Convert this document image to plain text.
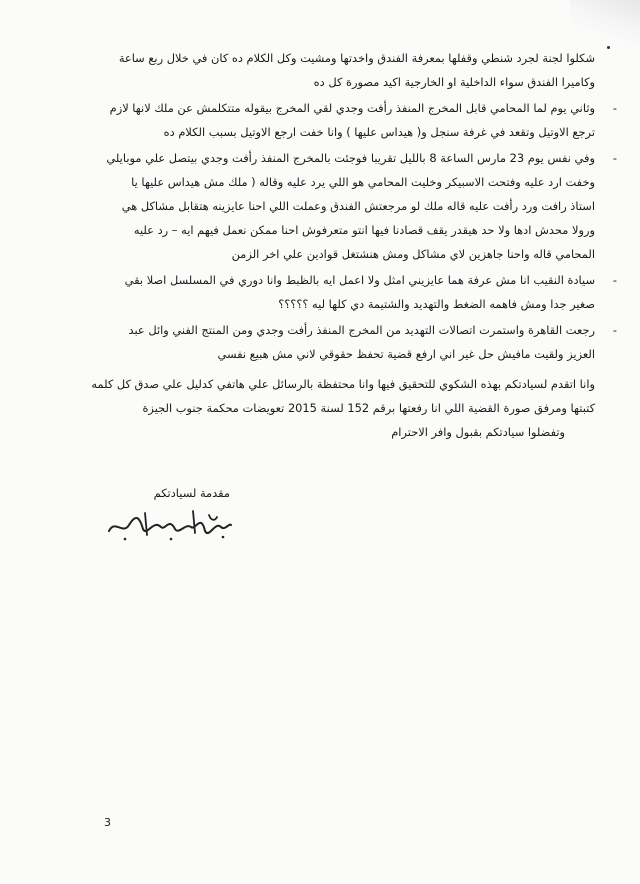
شكلوا لجنة لجرد شنطي وقفلها بمعرفة الفندق واخدتها ومشيت وكل الكلام ده كان في خلال ربع ساعة
وكاميرا الفندق سواء الداخلية او الخارجية اكيد مصورة كل ده
وثاني يوم لما المحامي قابل المخرج المنفذ رأفت وجدي لقي المخرج بيقوله متتكلمش عن ملك لانها لازم
ترجع الاوتيل وتقعد في غرفة سنجل و( هيداس عليها ) وانا خفت ارجع الاوتيل بسبب الكلام ده
-
وفي نفس يوم 23 مارس الساعة 8 بالليل تقريبا فوجئت بالمخرج المنفذ رأفت وجدي بيتصل علي موبايلي
وخفت ارد عليه وفتحت الاسبيكر وخليت المحامي هو اللي يرد عليه وقاله ( ملك مش هيداس عليها يا
استاذ رافت ورد رأفت عليه قاله ملك لو مرجعتش الفندق وعملت اللي احنا عايزينه هتقابل مشاكل هي
وروﻻ محدش ادها ولا حد هيقدر يقف قصادنا فيها انتو متعرفوش احنا ممكن نعمل فيهم ايه – رد عليه
المحامي قاله واحنا جاهزين لاي مشاكل ومش هنشتغل قوادين علي اخر الزمن
-
سيادة النقيب انا مش عرفة هما عايزيني امثل ولا اعمل ايه بالظبط وانا دوري في المسلسل اصلا بقي
صغير جدا ومش فاهمه الضغط والتهديد والشتيمة دي كلها ليه ؟؟؟؟؟
-
رجعت القاهرة واستمرت اتصالات التهديد من المخرج المنفذ رأفت وجدي ومن المنتج الفني وائل عبد
العزيز ولقيت مافيش حل غير اني ارفع قضية تحفظ حقوقي لاني مش هبيع نفسي
-
وانا اتقدم لسيادتكم بهذه الشكوي للتحقيق فيها وانا محتفظة بالرسائل علي هاتفي كدليل علي صدق كل كلمه
كتبتها ومرفق صورة القضية اللي انا رفعتها برقم 152 لسنة 2015 تعويضات محكمة جنوب الجيزة
وتفضلوا سيادتكم بقبول وافر الاحترام
مقدمة لسيادتكم
3
